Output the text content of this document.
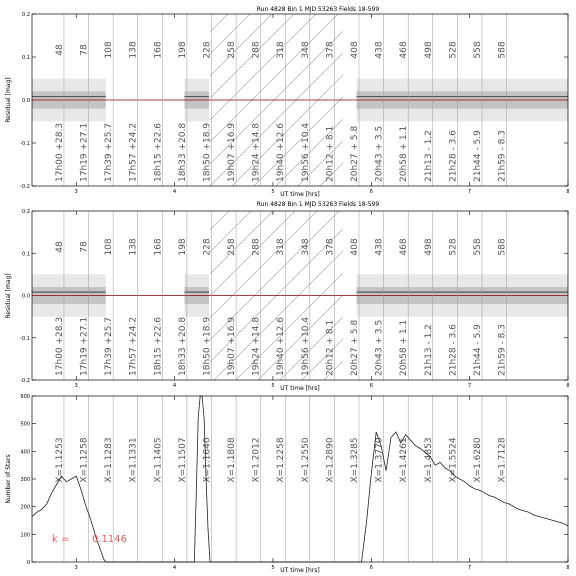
Run 4828 Bin 1 MJD 53263 Fields 18-599
3	4	5	6	7	8
0.2
0.1
0.0
-0.1
-0.2
48
17h00 +28.3
78
17h19 +27.1
108
17h39 +25.7
138
17h57 +24.2
168
18h15 +22.6
198
18h33 +20.8
228
18h50 +18.9
258
19h07 +16.9
288
19h24 +14.8
318
19h40 +12.6
348
19h56 +10.4
378
20h12 + 8.1
408
20h27 + 5.8
438
20h43 + 3.5
468
20h58 + 1.1
498
21h13 - 1.2
528
21h28 - 3.6
558
21h44 - 5.9
588
21h59 - 8.3
Residual [mag]
UT time [hrs]
Run 4828 Bin 1 MJD 53263 Fields 18-599
3	4	5	6	7	8
0.2
0.1
0.0
-0.1
-0.2
48
17h00 +28.3
78
17h19 +27.1
108
17h39 +25.7
138
17h57 +24.2
168
18h15 +22.6
198
18h33 +20.8
228
18h50 +18.9
258
19h07 +16.9
288
19h24 +14.8
318
19h40 +12.6
348
19h56 +10.4
378
20h12 + 8.1
408
20h27 + 5.8
438
20h43 + 3.5
468
20h58 + 1.1
498
21h13 - 1.2
528
21h28 - 3.6
558
21h44 - 5.9
588
21h59 - 8.3
Residual [mag]
UT time [hrs]
3	4	5	6	7	8
0
100
200
300
400
500
600
X=1.1253 X=1.1258 X=1.1283 X=1.1331 X=1.1405 X=1.1507 X=1.1640 X=1.1808 X=1.2012 X=1.2258 X=1.2550 X=1.2890 X=1.3285 X=1.3770 X=1.4261 X=1.4853 X=1.5524 X=1.6280 X=1.7128
Number of Stars
UT time [hrs]
k = 0.1146
